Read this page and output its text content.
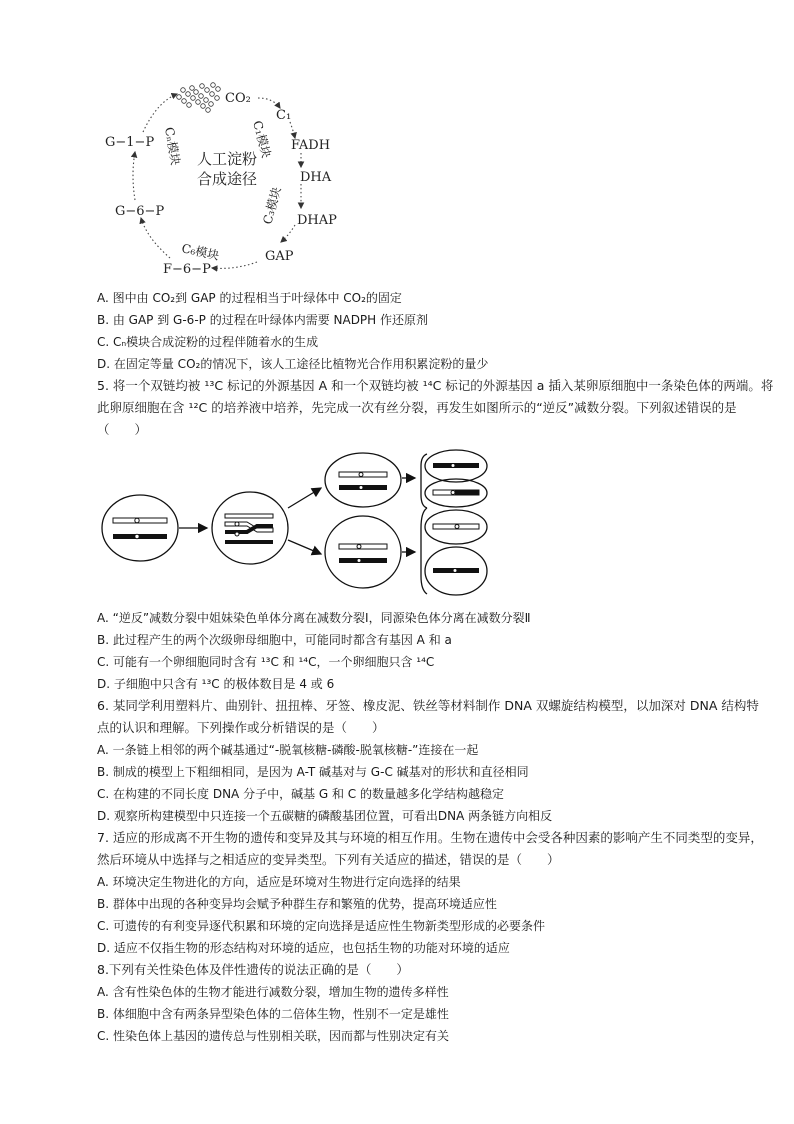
CO₂
C₁
FADH
DHA
DHAP
GAP
F−6−P
G−6−P
G−1−P	C₁模块
C₃模块
C₆模块
Cₙ模块 人工淀粉
合成途径
A. 图中由 CO₂到 GAP 的过程相当于叶绿体中 CO₂的固定
B. 由 GAP 到 G-6-P 的过程在叶绿体内需要 NADPH 作还原剂
C. Cₙ模块合成淀粉的过程伴随着水的生成
D. 在固定等量 CO₂的情况下，该人工途径比植物光合作用积累淀粉的量少
5. 将一个双链均被 ¹³C 标记的外源基因 A 和一个双链均被 ¹⁴C 标记的外源基因 a 插入某卵原细胞中一条染色体的两端。将
此卵原细胞在含 ¹²C 的培养液中培养，先完成一次有丝分裂，再发生如图所示的“逆反”减数分裂。下列叙述错误的是
（　　）
A. “逆反”减数分裂中姐妹染色单体分离在减数分裂Ⅰ，同源染色体分离在减数分裂Ⅱ
B. 此过程产生的两个次级卵母细胞中，可能同时都含有基因 A 和 a
C. 可能有一个卵细胞同时含有 ¹³C 和 ¹⁴C，一个卵细胞只含 ¹⁴C
D. 子细胞中只含有 ¹³C 的极体数目是 4 或 6
6. 某同学利用塑料片、曲别针、扭扭棒、牙签、橡皮泥、铁丝等材料制作 DNA 双螺旋结构模型，以加深对 DNA 结构特
点的认识和理解。下列操作或分析错误的是（　　）
A. 一条链上相邻的两个碱基通过“-脱氧核糖-磷酸-脱氧核糖-”连接在一起
B. 制成的模型上下粗细相同，是因为 A-T 碱基对与 G-C 碱基对的形状和直径相同
C. 在构建的不同长度 DNA 分子中，碱基 G 和 C 的数量越多化学结构越稳定
D. 观察所构建模型中只连接一个五碳糖的磷酸基团位置，可看出DNA 两条链方向相反
7. 适应的形成离不开生物的遗传和变异及其与环境的相互作用。生物在遗传中会受各种因素的影响产生不同类型的变异，
然后环境从中选择与之相适应的变异类型。下列有关适应的描述，错误的是（　　）
A. 环境决定生物进化的方向，适应是环境对生物进行定向选择的结果
B. 群体中出现的各种变异均会赋予种群生存和繁殖的优势，提高环境适应性
C. 可遗传的有利变异逐代积累和环境的定向选择是适应性生物新类型形成的必要条件
D. 适应不仅指生物的形态结构对环境的适应，也包括生物的功能对环境的适应
8.下列有关性染色体及伴性遗传的说法正确的是（　　）
A. 含有性染色体的生物才能进行减数分裂，增加生物的遗传多样性
B. 体细胞中含有两条异型染色体的二倍体生物，性别不一定是雄性
C. 性染色体上基因的遗传总与性别相关联，因而都与性别决定有关
